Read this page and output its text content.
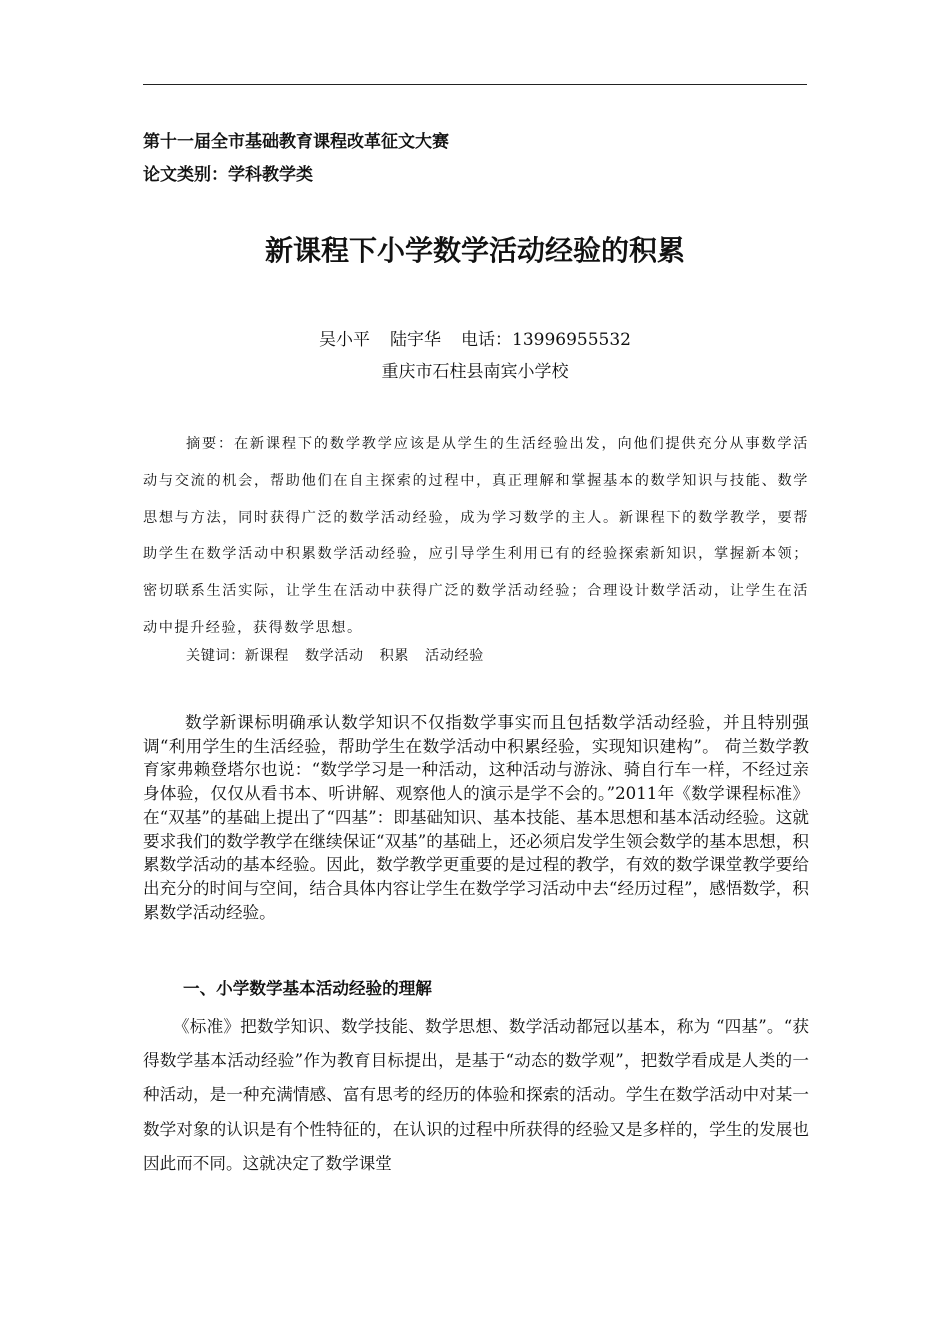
第十一届全市基础教育课程改革征文大赛
论文类别：学科教学类
新课程下小学数学活动经验的积累
吴小平 陆宇华 电话：13996955532
重庆市石柱县南宾小学校
摘要：在新课程下的数学教学应该是从学生的生活经验出发，向他们提供充分从事数学活动与交流的机会，帮助他们在自主探索的过程中，真正理解和掌握基本的数学知识与技能、数学思想与方法，同时获得广泛的数学活动经验，成为学习数学的主人。新课程下的数学教学，要帮助学生在数学活动中积累数学活动经验，应引导学生利用已有的经验探索新知识，掌握新本领；密切联系生活实际，让学生在活动中获得广泛的数学活动经验；合理设计数学活动，让学生在活动中提升经验，获得数学思想。
关键词：新课程 数学活动 积累 活动经验
数学新课标明确承认数学知识不仅指数学事实而且包括数学活动经验，并且特别强调“利用学生的生活经验，帮助学生在数学活动中积累经验，实现知识建构”。 荷兰数学教育家弗赖登塔尔也说：“数学学习是一种活动，这种活动与游泳、骑自行车一样，不经过亲身体验，仅仅从看书本、听讲解、观察他人的演示是学不会的。”2011年《数学课程标准》在“双基”的基础上提出了“四基”：即基础知识、基本技能、基本思想和基本活动经验。这就要求我们的数学教学在继续保证“双基”的基础上，还必须启发学生领会数学的基本思想，积累数学活动的基本经验。因此，数学教学更重要的是过程的教学，有效的数学课堂教学要给出充分的时间与空间，结合具体内容让学生在数学学习活动中去“经历过程”，感悟数学，积累数学活动经验。
一、小学数学基本活动经验的理解
《标准》把数学知识、数学技能、数学思想、数学活动都冠以基本，称为 “四基”。“获得数学基本活动经验”作为教育目标提出，是基于“动态的数学观”，把数学看成是人类的一种活动，是一种充满情感、富有思考的经历的体验和探索的活动。学生在数学活动中对某一数学对象的认识是有个性特征的，在认识的过程中所获得的经验又是多样的，学生的发展也因此而不同。这就决定了数学课堂
